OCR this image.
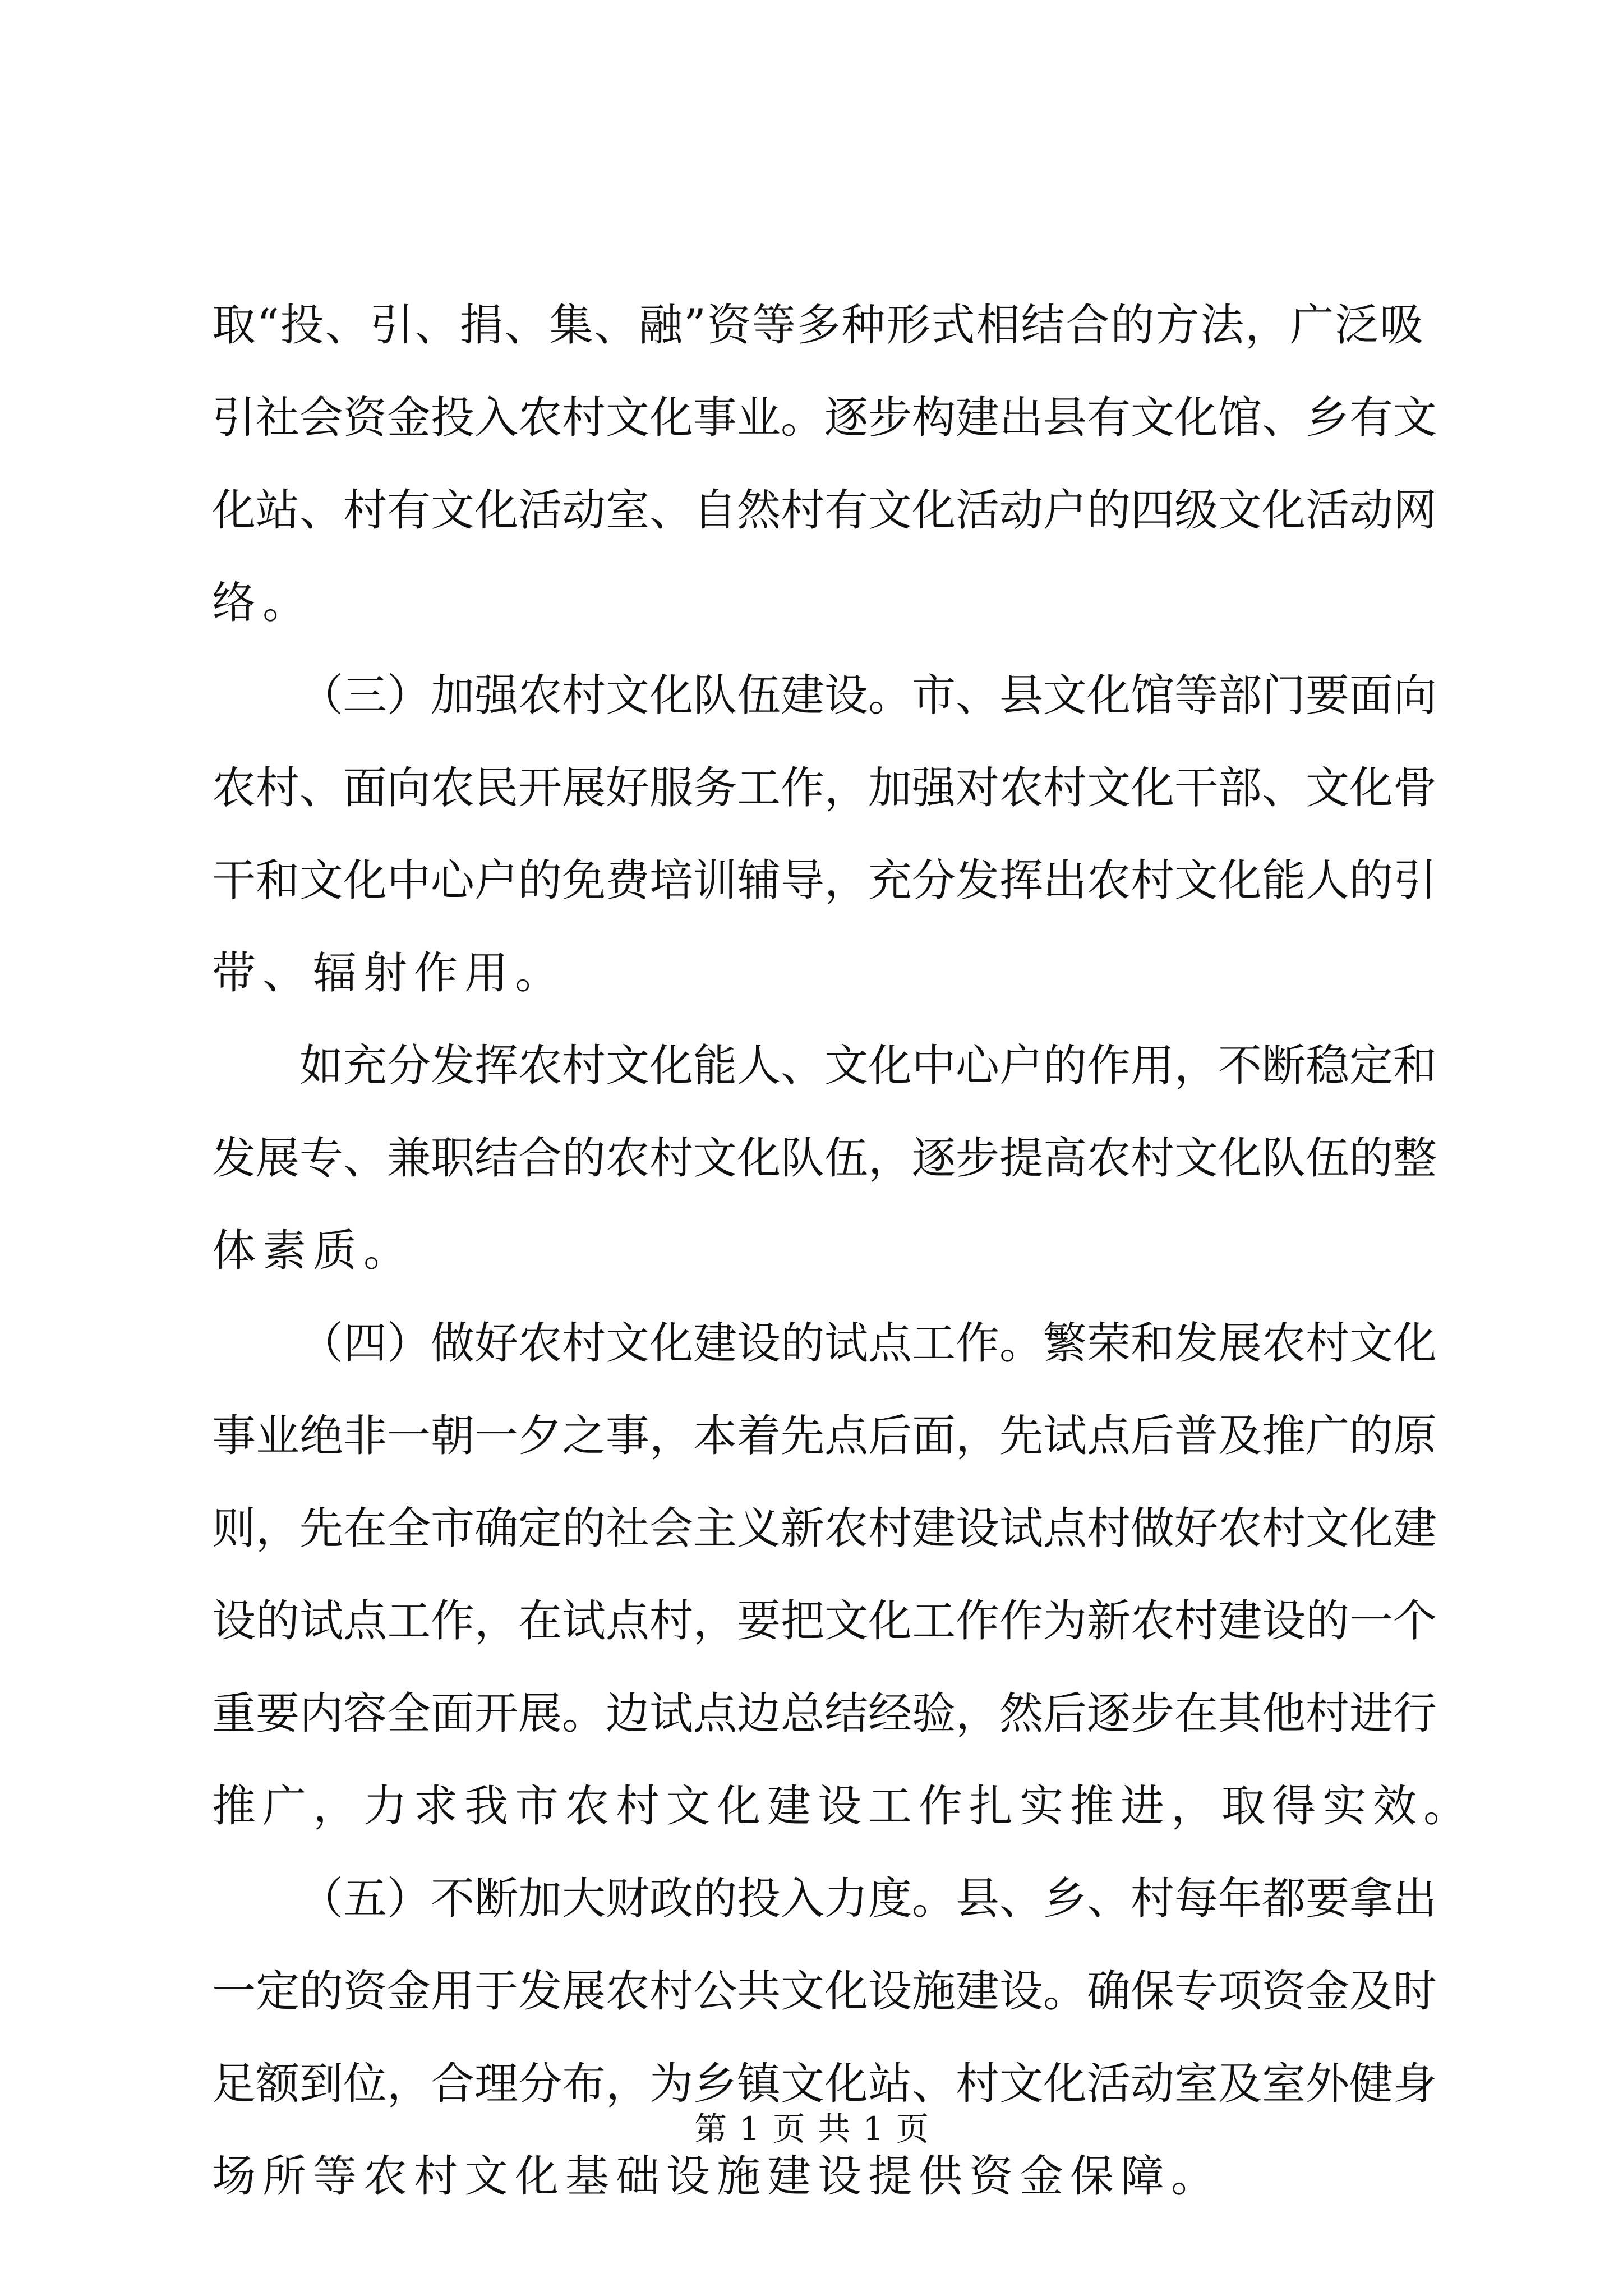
取“投、引、捐、集、融”资等多种形式相结合的方法，广泛吸
引社会资金投入农村文化事业。逐步构建出县有文化馆、乡有文
化站、村有文化活动室、自然村有文化活动户的四级文化活动网
络。
（三）加强农村文化队伍建设。市、县文化馆等部门要面向
农村、面向农民开展好服务工作，加强对农村文化干部、文化骨
干和文化中心户的免费培训辅导，充分发挥出农村文化能人的引
带、辐射作用。
如充分发挥农村文化能人、文化中心户的作用，不断稳定和
发展专、兼职结合的农村文化队伍，逐步提高农村文化队伍的整
体素质。
（四）做好农村文化建设的试点工作。繁荣和发展农村文化
事业绝非一朝一夕之事，本着先点后面，先试点后普及推广的原
则，先在全市确定的社会主义新农村建设试点村做好农村文化建
设的试点工作，在试点村，要把文化工作作为新农村建设的一个
重要内容全面开展。边试点边总结经验，然后逐步在其他村进行
推广，力求我市农村文化建设工作扎实推进，取得实效。
（五）不断加大财政的投入力度。县、乡、村每年都要拿出
一定的资金用于发展农村公共文化设施建设。确保专项资金及时
足额到位，合理分布，为乡镇文化站、村文化活动室及室外健身
场所等农村文化基础设施建设提供资金保障。
第 1 页 共 1 页
